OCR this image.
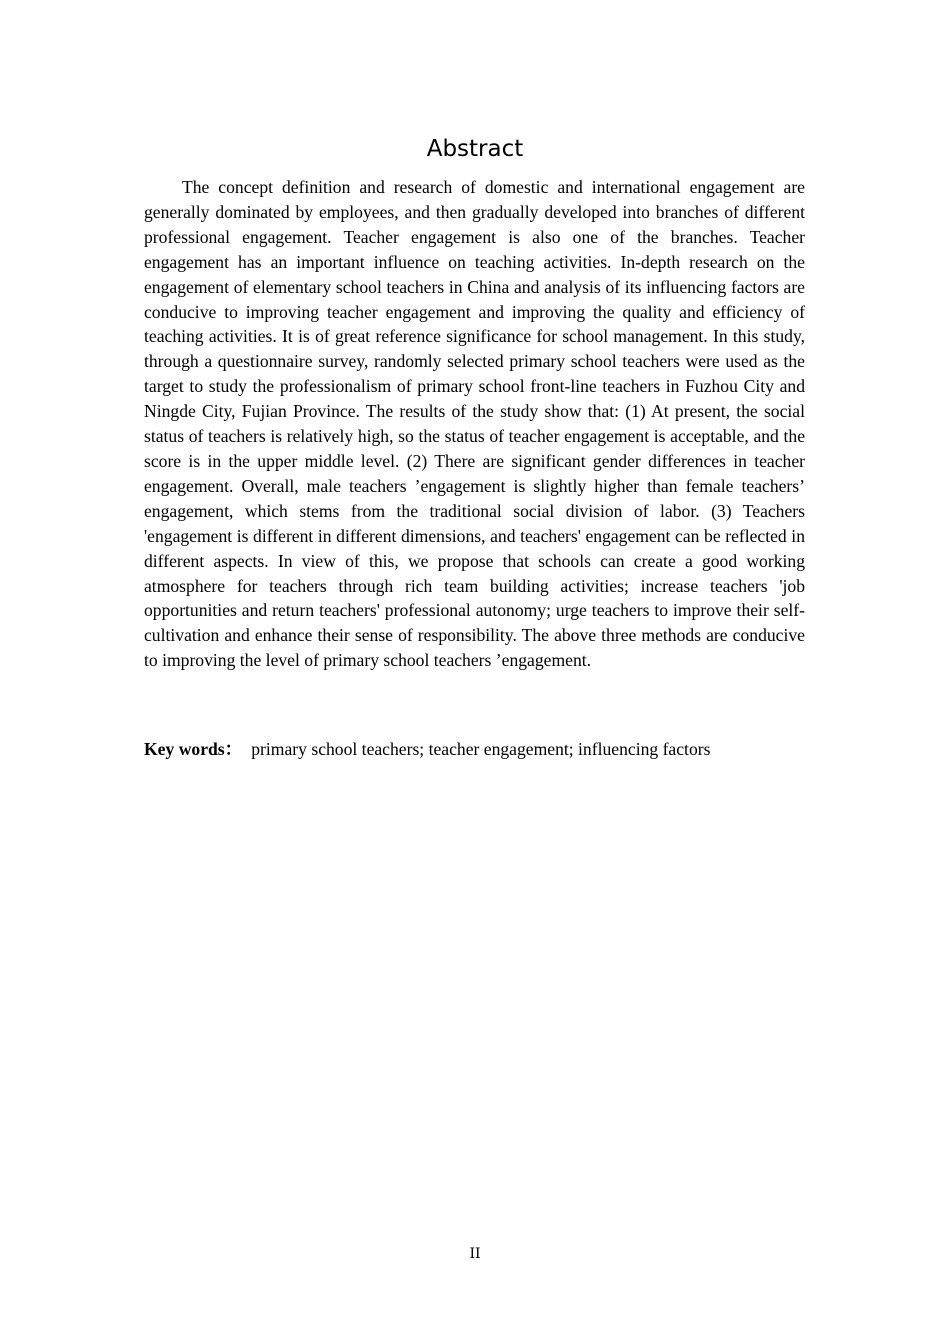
Abstract

The concept definition and research of domestic and international engagement are generally dominated by employees, and then gradually developed into branches of different professional engagement. Teacher engagement is also one of the branches. Teacher engagement has an important influence on teaching activities. In-depth research on the engagement of elementary school teachers in China and analysis of its influencing factors are conducive to improving teacher engagement and improving the quality and efficiency of teaching activities. It is of great reference significance for school management. In this study, through a questionnaire survey, randomly selected primary school teachers were used as the target to study the professionalism of primary school front-line teachers in Fuzhou City and Ningde City, Fujian Province. The results of the study show that: (1) At present, the social status of teachers is relatively high, so the status of teacher engagement is acceptable, and the score is in the upper middle level. (2) There are significant gender differences in teacher engagement. Overall, male teachers ’engagement is slightly higher than female teachers’ engagement, which stems from the traditional social division of labor. (3) Teachers 'engagement is different in different dimensions, and teachers' engagement can be reflected in different aspects. In view of this, we propose that schools can create a good working atmosphere for teachers through rich team building activities; increase teachers 'job opportunities and return teachers' professional autonomy; urge teachers to improve their self-cultivation and enhance their sense of responsibility. The above three methods are conducive to improving the level of primary school teachers ’engagement.

Key words： primary school teachers; teacher engagement; influencing factors

II
